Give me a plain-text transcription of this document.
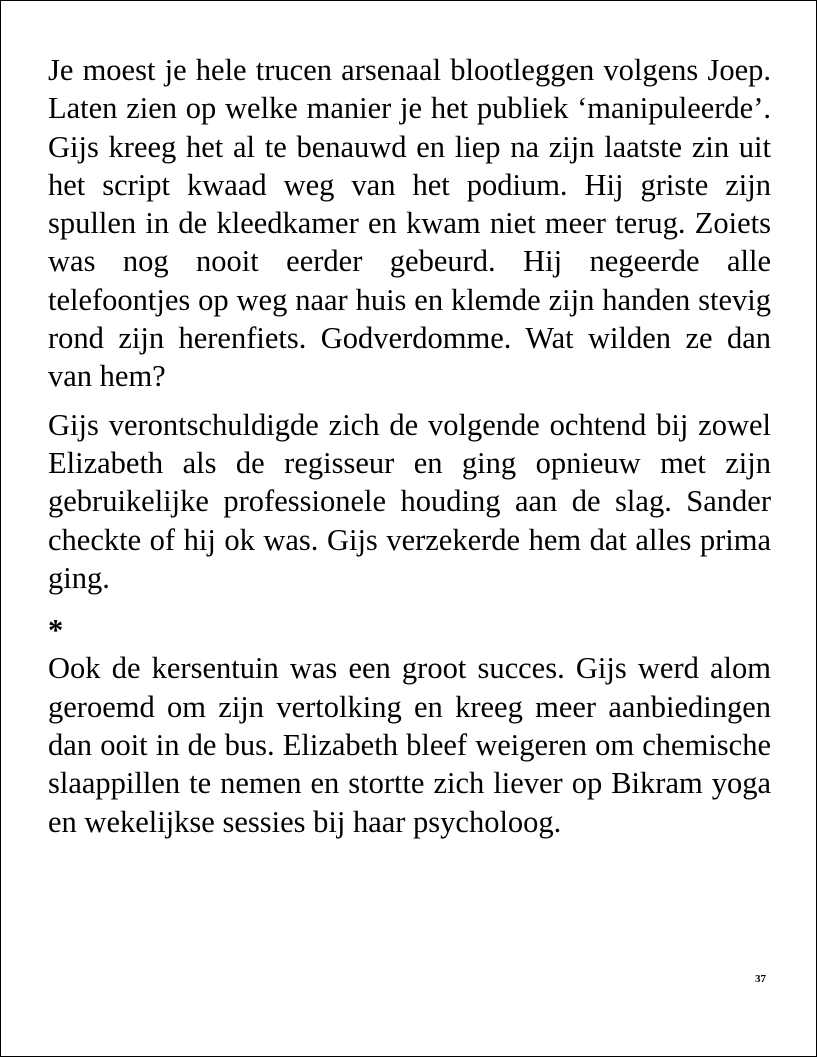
Je moest je hele trucen arsenaal blootleggen volgens Joep. Laten zien op welke manier je het publiek ‘manipuleerde’. Gijs kreeg het al te benauwd en liep na zijn laatste zin uit het script kwaad weg van het podium. Hij griste zijn spullen in de kleedkamer en kwam niet meer terug. Zoiets was nog nooit eerder gebeurd. Hij negeerde alle telefoontjes op weg naar huis en klemde zijn handen stevig rond zijn herenfiets. Godverdomme. Wat wilden ze dan van hem?

Gijs verontschuldigde zich de volgende ochtend bij zowel Elizabeth als de regisseur en ging opnieuw met zijn gebruikelijke professionele houding aan de slag. Sander checkte of hij ok was. Gijs verzekerde hem dat alles prima ging.

*

Ook de kersentuin was een groot succes. Gijs werd alom geroemd om zijn vertolking en kreeg meer aanbiedingen dan ooit in de bus. Elizabeth bleef weigeren om chemische slaappillen te nemen en stortte zich liever op Bikram yoga en wekelijkse sessies bij haar psycholoog.

37
